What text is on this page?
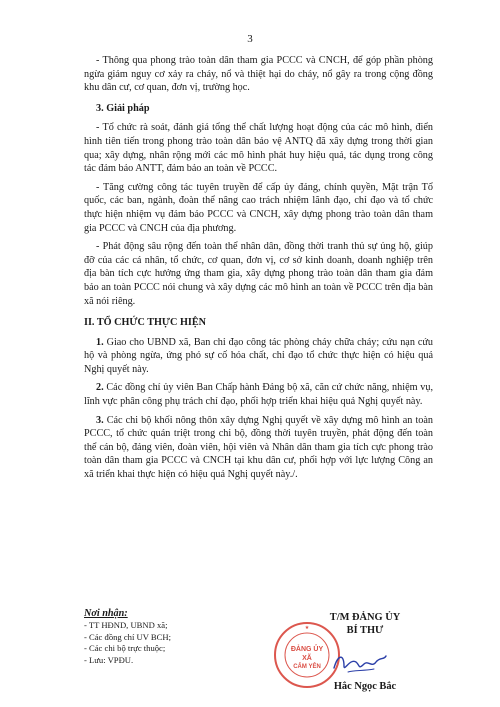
3

- Thông qua phong trào toàn dân tham gia PCCC và CNCH, để góp phần phòng ngừa giảm nguy cơ xảy ra cháy, nổ và thiệt hại do cháy, nổ gây ra trong cộng đồng khu dân cư, cơ quan, đơn vị, trường học.

3. Giải pháp

- Tổ chức rà soát, đánh giá tổng thể chất lượng hoạt động của các mô hình, điển hình tiên tiến trong phong trào toàn dân bảo vệ ANTQ đã xây dựng trong thời gian qua; xây dựng, nhân rộng mới các mô hình phát huy hiệu quả, tác dụng trong công tác đảm bảo ANTT, đảm bảo an toàn về PCCC.

- Tăng cường công tác tuyên truyền để cấp ủy đảng, chính quyền, Mặt trận Tổ quốc, các ban, ngành, đoàn thể nâng cao trách nhiệm lãnh đạo, chỉ đạo và tổ chức thực hiện nhiệm vụ đảm bảo PCCC và CNCH, xây dựng phong trào toàn dân tham gia PCCC và CNCH của địa phương.

- Phát động sâu rộng đến toàn thể nhân dân, đồng thời tranh thủ sự ủng hộ, giúp đỡ của các cá nhân, tổ chức, cơ quan, đơn vị, cơ sở kinh doanh, doanh nghiệp trên địa bàn tích cực hưởng ứng tham gia, xây dựng phong trào toàn dân tham gia đảm bảo an toàn PCCC nói chung và xây dựng các mô hình an toàn về PCCC trên địa bàn xã nói riêng.

II. TỔ CHỨC THỰC HIỆN

1. Giao cho UBND xã, Ban chỉ đạo công tác phòng cháy chữa cháy; cứu nạn cứu hộ và phòng ngừa, ứng phó sự cố hóa chất, chỉ đạo tổ chức thực hiện có hiệu quả Nghị quyết này.

2. Các đồng chí ủy viên Ban Chấp hành Đảng bộ xã, căn cứ chức năng, nhiệm vụ, lĩnh vực phân công phụ trách chỉ đạo, phối hợp triển khai hiệu quả Nghị quyết này.

3. Các chi bộ khối nông thôn xây dựng Nghị quyết về xây dựng mô hình an toàn PCCC, tổ chức quán triệt trong chi bộ, đồng thời tuyên truyền, phát động đến toàn thể cán bộ, đảng viên, đoàn viên, hội viên và Nhân dân tham gia tích cực phong trào toàn dân tham gia PCCC và CNCH tại khu dân cư, phối hợp với lực lượng Công an xã triển khai thực hiện có hiệu quả Nghị quyết này./.

Nơi nhận:
- TT HĐND, UBND xã;
- Các đồng chí UV BCH;
- Các chi bộ trực thuộc;
- Lưu: VPĐU.
ĐẢNG ỦY
XÃ
CẨM YÊN
★
T/M ĐẢNG ỦY
BÍ THƯ
Hắc Ngọc Bắc
